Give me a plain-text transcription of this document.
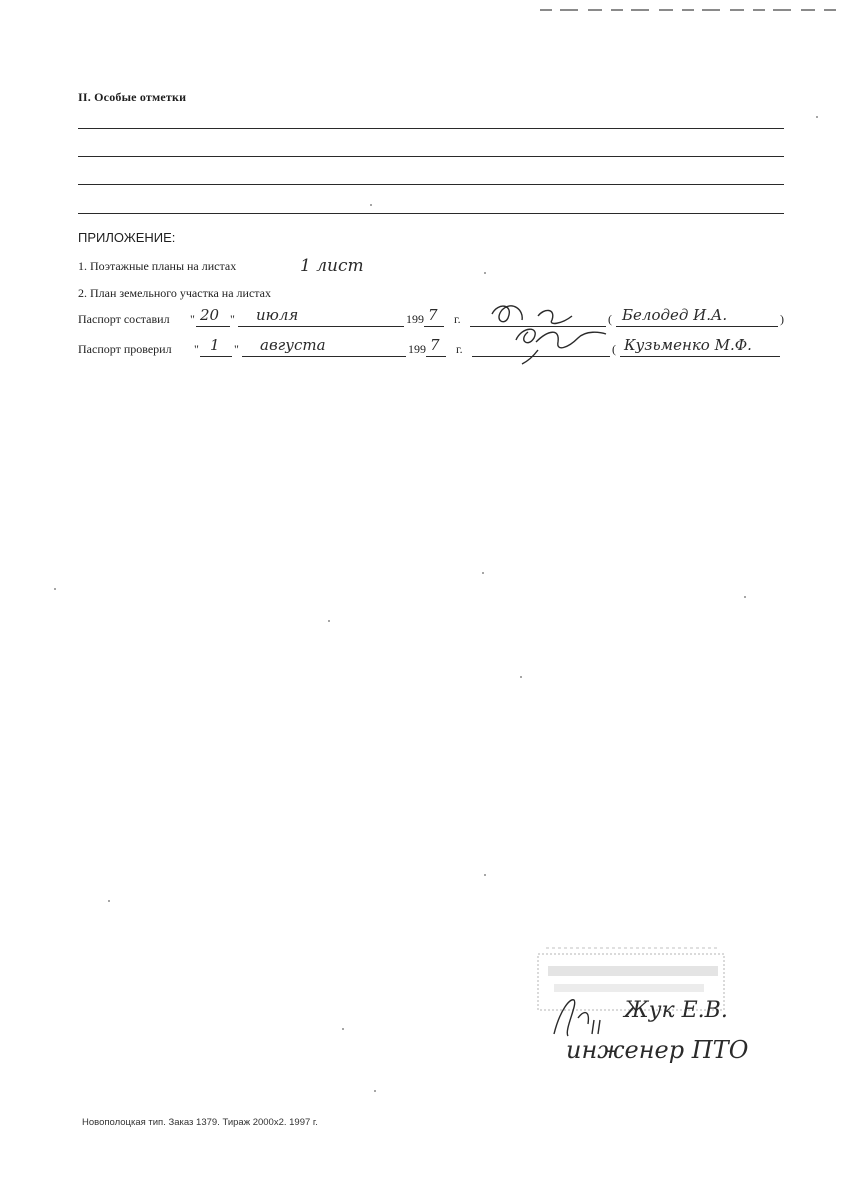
II. Особые отметки
ПРИЛОЖЕНИЕ:
1. Поэтажные планы на листах	1 лист
2. План земельного участка на листах
Паспорт составил " 20 " июля	199 7 г.	( Белодед И.А.	)
Паспорт проверил " 1 " августа	199 7 г.	( Кузьменко М.Ф.
Жук Е.В.
инженер ПТО
Новополоцкая тип. Заказ 1379. Тираж 2000х2. 1997 г.
